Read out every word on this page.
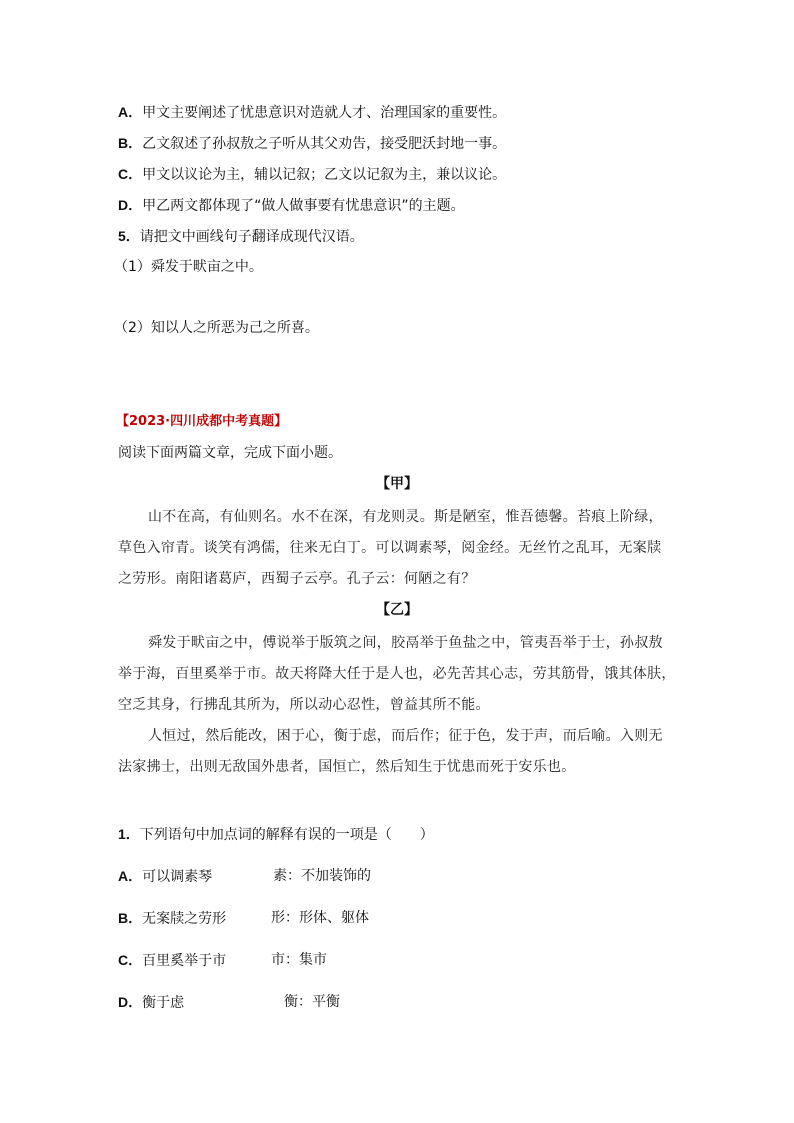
A．甲文主要阐述了忧患意识对造就人才、治理国家的重要性。
B．乙文叙述了孙叔敖之子听从其父劝告，接受肥沃封地一事。
C．甲文以议论为主，辅以记叙；乙文以记叙为主，兼以议论。
D．甲乙两文都体现了“做人做事要有忧患意识”的主题。
5．请把文中画线句子翻译成现代汉语。
（1）舜发于畎亩之中。
（2）知以人之所恶为己之所喜。
【2023·四川成都中考真题】
阅读下面两篇文章，完成下面小题。
【甲】
山不在高，有仙则名。水不在深，有龙则灵。斯是陋室，惟吾德馨。苔痕上阶绿，
草色入帘青。谈笑有鸿儒，往来无白丁。可以调素琴，阅金经。无丝竹之乱耳，无案牍
之劳形。南阳诸葛庐，西蜀子云亭。孔子云：何陋之有？
【乙】
舜发于畎亩之中，傅说举于版筑之间，胶鬲举于鱼盐之中，管夷吾举于士，孙叔敖
举于海，百里奚举于市。故天将降大任于是人也，必先苦其心志，劳其筋骨，饿其体肤，
空乏其身，行拂乱其所为，所以动心忍性，曾益其所不能。
人恒过，然后能改，困于心，衡于虑，而后作；征于色，发于声，而后喻。入则无
法家拂士，出则无敌国外患者，国恒亡，然后知生于忧患而死于安乐也。
1．下列语句中加点词的解释有误的一项是（　　）
A．可以调素琴	素：不加装饰的
B．无案牍之劳形	形：形体、躯体
C．百里奚举于市	市：集市
D．衡于虑	衡：平衡
